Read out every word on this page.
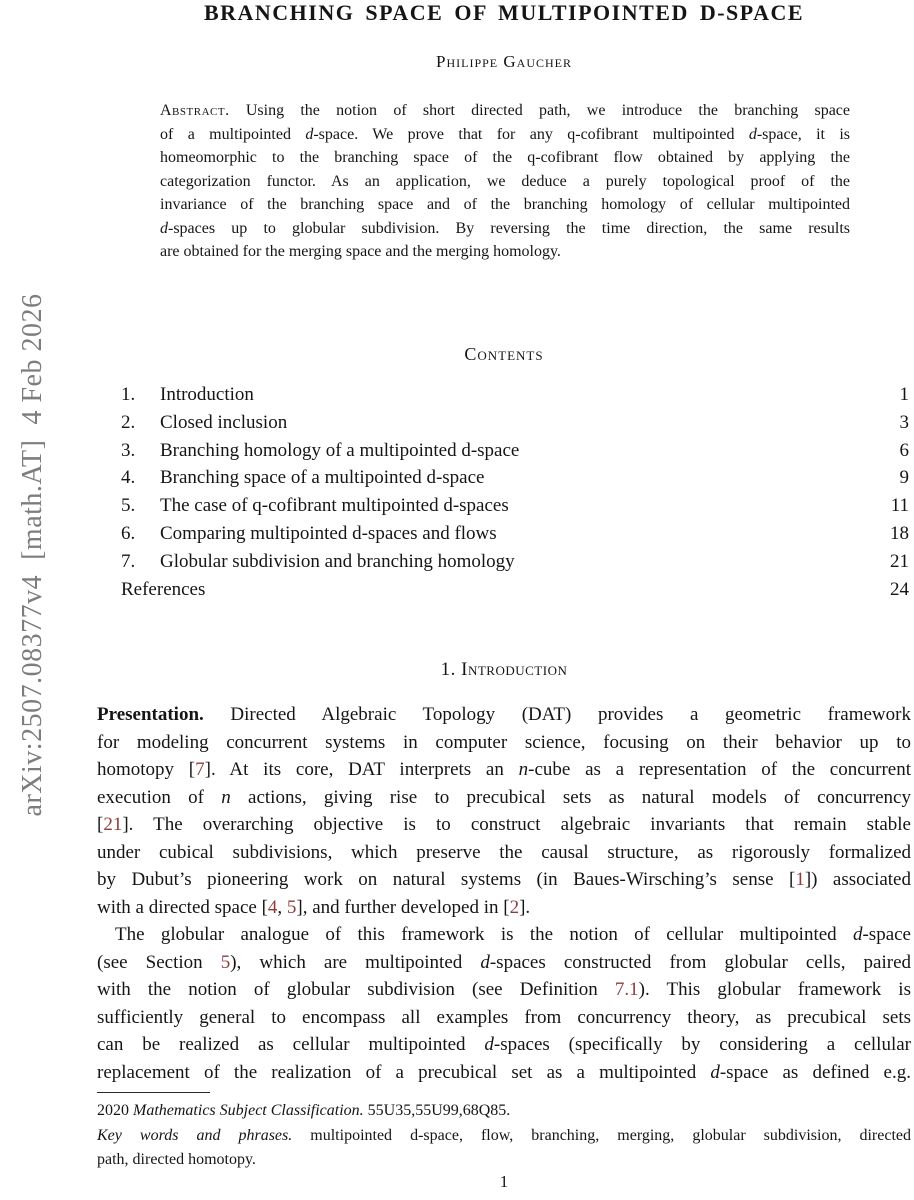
arXiv:2507.08377v4  [math.AT]  4 Feb 2026
BRANCHING SPACE OF MULTIPOINTED D-SPACE
Philippe Gaucher
Abstract. Using the notion of short directed path, we introduce the branching space
of a multipointed d-space. We prove that for any q-cofibrant multipointed d-space, it is
homeomorphic to the branching space of the q-cofibrant flow obtained by applying the
categorization functor. As an application, we deduce a purely topological proof of the
invariance of the branching space and of the branching homology of cellular multipointed
d-spaces up to globular subdivision. By reversing the time direction, the same results
are obtained for the merging space and the merging homology.
Contents
1. Introduction	1
2. Closed inclusion	3
3. Branching homology of a multipointed d-space	6
4. Branching space of a multipointed d-space	9
5. The case of q-cofibrant multipointed d-spaces	11
6. Comparing multipointed d-spaces and flows	18
7. Globular subdivision and branching homology	21
References	24
1. Introduction
Presentation. Directed Algebraic Topology (DAT) provides a geometric framework
for modeling concurrent systems in computer science, focusing on their behavior up to
homotopy [7]. At its core, DAT interprets an n-cube as a representation of the concurrent
execution of n actions, giving rise to precubical sets as natural models of concurrency
[21]. The overarching objective is to construct algebraic invariants that remain stable
under cubical subdivisions, which preserve the causal structure, as rigorously formalized
by Dubut’s pioneering work on natural systems (in Baues-Wirsching’s sense [1]) associated
with a directed space [4, 5], and further developed in [2].
The globular analogue of this framework is the notion of cellular multipointed d-space
(see Section 5), which are multipointed d-spaces constructed from globular cells, paired
with the notion of globular subdivision (see Definition 7.1). This globular framework is
sufficiently general to encompass all examples from concurrency theory, as precubical sets
can be realized as cellular multipointed d-spaces (specifically by considering a cellular
replacement of the realization of a precubical set as a multipointed d-space as defined e.g.
2020 Mathematics Subject Classification. 55U35,55U99,68Q85.
Key words and phrases. multipointed d-space, flow, branching, merging, globular subdivision, directed
path, directed homotopy.
1
